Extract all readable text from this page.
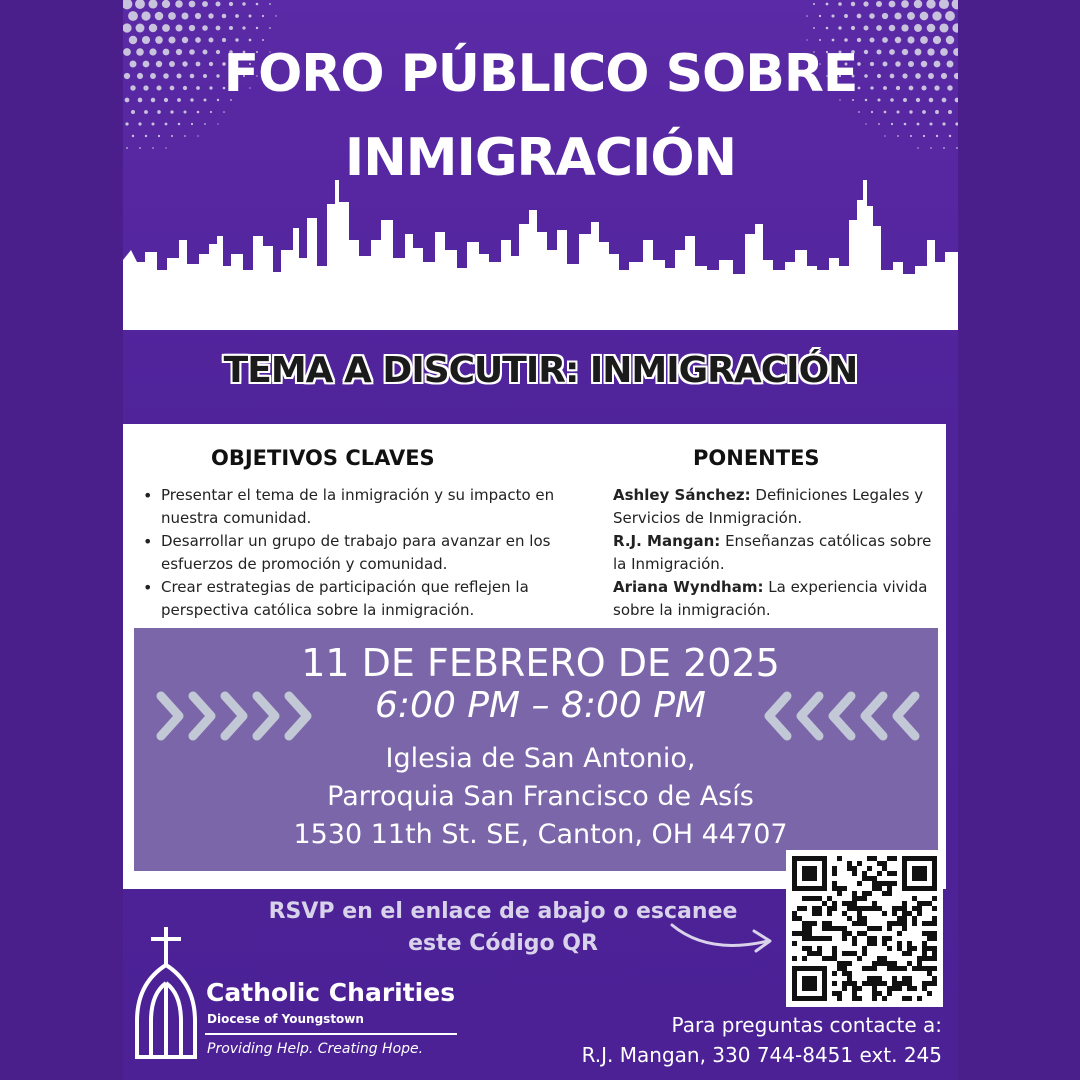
FORO PÚBLICO SOBRE
INMIGRACIÓN
TEMA A DISCUTIR: INMIGRACIÓN
OBJETIVOS CLAVES
• Presentar el tema de la inmigración y su impacto en nuestra comunidad.
• Desarrollar un grupo de trabajo para avanzar en los esfuerzos de promoción y comunidad.
• Crear estrategias de participación que reflejen la perspectiva católica sobre la inmigración.
PONENTES
Ashley Sánchez: Definiciones Legales y Servicios de Inmigración.
R.J. Mangan: Enseñanzas católicas sobre la Inmigración.
Ariana Wyndham: La experiencia vivida sobre la inmigración.
11 DE FEBRERO DE 2025
6:00 PM – 8:00 PM
Iglesia de San Antonio,
Parroquia San Francisco de Asís
1530 11th St. SE, Canton, OH 44707
RSVP en el enlace de abajo o escanee
este Código QR
Catholic Charities
Diocese of Youngstown
Providing Help. Creating Hope.
Para preguntas contacte a:
R.J. Mangan, 330 744-8451 ext. 245
